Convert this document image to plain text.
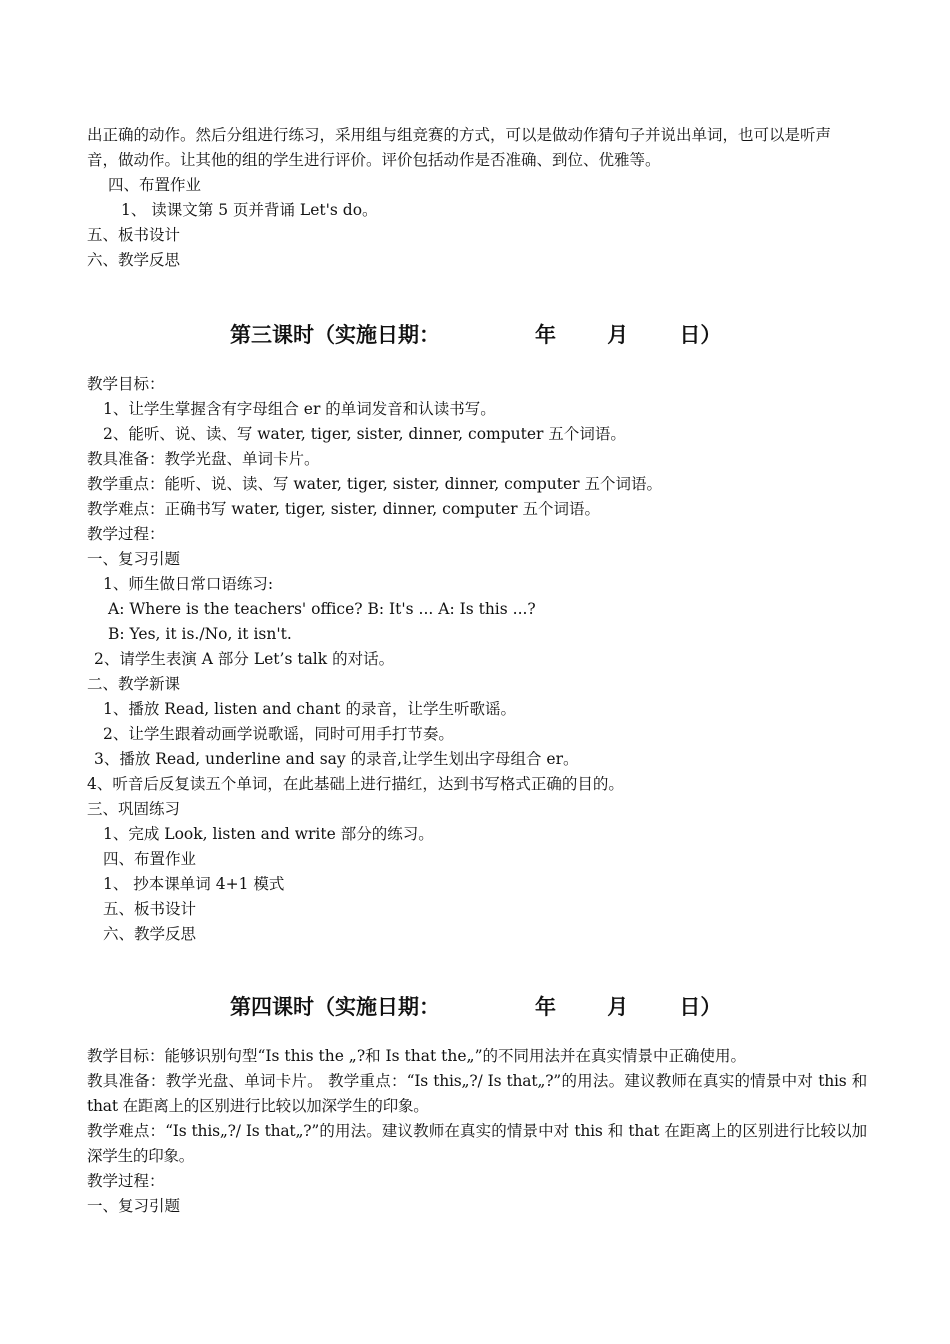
出正确的动作。然后分组进行练习，采用组与组竞赛的方式，可以是做动作猜句子并说出单词，也可以是听声
音，做动作。让其他的组的学生进行评价。评价包括动作是否准确、到位、优雅等。
四、布置作业
1、 读课文第 5 页并背诵 Let's do。
五、板书设计
六、教学反思
第三课时（实施日期：             年       月       日）
教学目标：
1、让学生掌握含有字母组合 er 的单词发音和认读书写。
2、能听、说、读、写 water, tiger, sister, dinner, computer 五个词语。
教具准备：教学光盘、单词卡片。
教学重点：能听、说、读、写 water, tiger, sister, dinner, computer 五个词语。
教学难点：正确书写 water, tiger, sister, dinner, computer 五个词语。
教学过程：
一、复习引题
1、师生做日常口语练习:
A: Where is the teachers' office? B: It's ... A: Is this ...?
B: Yes, it is./No, it isn't.
2、请学生表演 A 部分 Let’s talk 的对话。
二、教学新课
1、播放 Read, listen and chant 的录音，让学生听歌谣。
2、让学生跟着动画学说歌谣，同时可用手打节奏。
3、播放 Read, underline and say 的录音,让学生划出字母组合 er。
4、听音后反复读五个单词，在此基础上进行描红，达到书写格式正确的目的。
三、巩固练习
1、完成 Look, listen and write 部分的练习。
四、布置作业
1、 抄本课单词 4+1 模式
五、板书设计
六、教学反思
第四课时（实施日期：             年       月       日）
教学目标：能够识别句型“Is this the „?和 Is that the„”的不同用法并在真实情景中正确使用。
教具准备：教学光盘、单词卡片。 教学重点：“Is this„?/ Is that„?”的用法。建议教师在真实的情景中对 this 和 that 在距离上的区别进行比较以加深学生的印象。
教学难点：“Is this„?/ Is that„?”的用法。建议教师在真实的情景中对 this 和 that 在距离上的区别进行比较以加深学生的印象。
教学过程：
一、复习引题
